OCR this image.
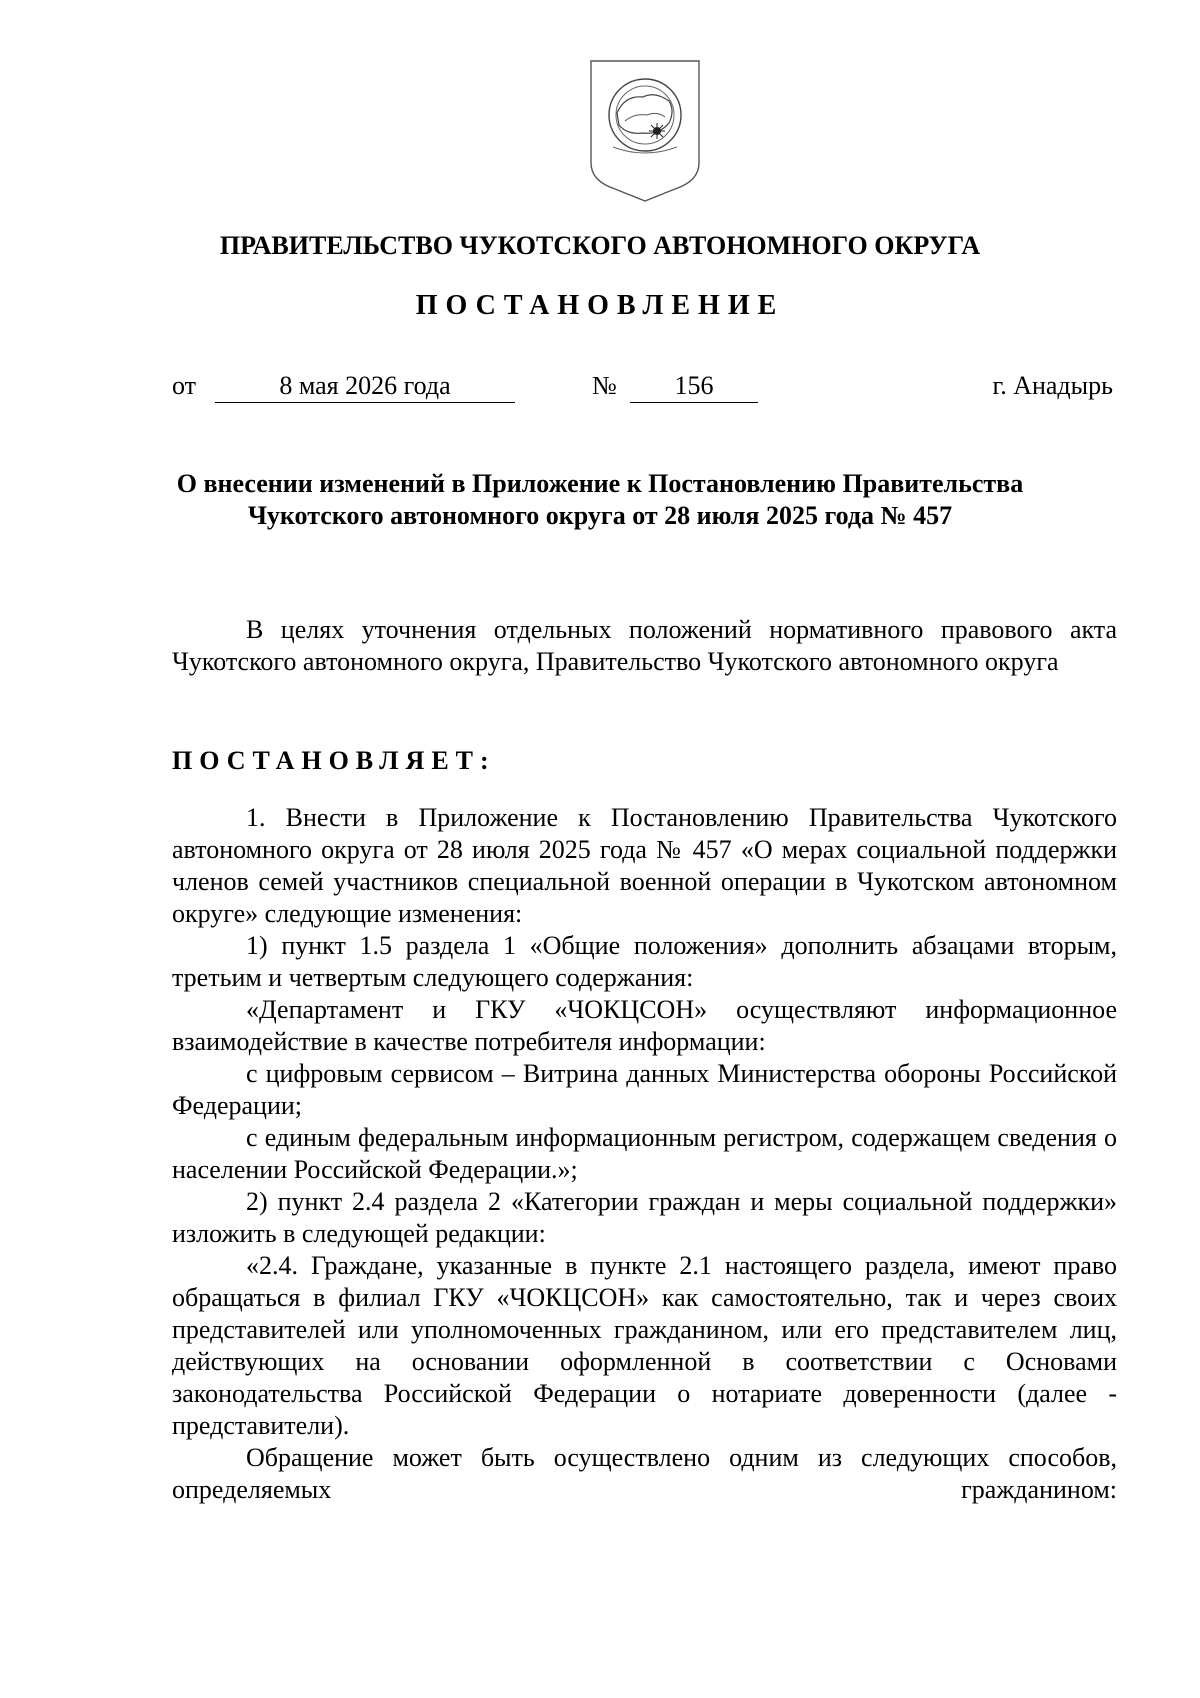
ПРАВИТЕЛЬСТВО ЧУКОТСКОГО АВТОНОМНОГО ОКРУГА
ПОСТАНОВЛЕНИЕ
от	8 мая 2026 года	№	156	г. Анадырь
О внесении изменений в Приложение к Постановлению Правительства
Чукотского автономного округа от 28 июля 2025 года № 457

В целях уточнения отдельных положений нормативного правового акта Чукотского автономного округа, Правительство Чукотского автономного округа

ПОСТАНОВЛЯЕТ:

1. Внести в Приложение к Постановлению Правительства Чукотского автономного округа от 28 июля 2025 года № 457 «О мерах социальной поддержки членов семей участников специальной военной операции в Чукотском автономном округе» следующие изменения:

1) пункт 1.5 раздела 1 «Общие положения» дополнить абзацами вторым, третьим и четвертым следующего содержания:

«Департамент и ГКУ «ЧОКЦСОН» осуществляют информационное взаимодействие в качестве потребителя информации:

с цифровым сервисом – Витрина данных Министерства обороны Российской Федерации;

с единым федеральным информационным регистром, содержащем сведения о населении Российской Федерации.»;

2) пункт 2.4 раздела 2 «Категории граждан и меры социальной поддержки» изложить в следующей редакции:

«2.4. Граждане, указанные в пункте 2.1 настоящего раздела, имеют право обращаться в филиал ГКУ «ЧОКЦСОН» как самостоятельно, так и через своих представителей или уполномоченных гражданином, или его представителем лиц, действующих на основании оформленной в соответствии с Основами законодательства Российской Федерации о нотариате доверенности (далее - представители).

Обращение может быть осуществлено одним из следующих способов, определяемых гражданином:
